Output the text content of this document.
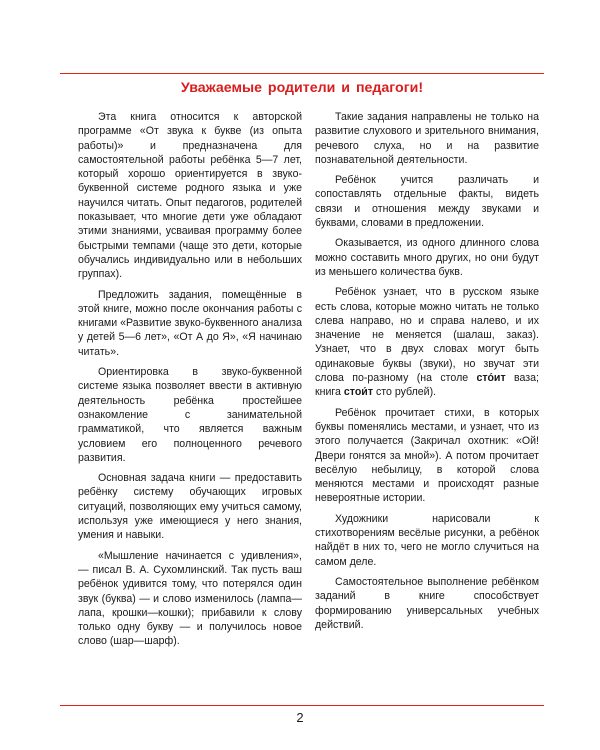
Уважаемые родители и педагоги!

Эта книга относится к авторской программе «От звука к букве (из опыта работы)» и предназначена для самостоятельной работы ребёнка 5—7 лет, который хорошо ориентируется в звуко-буквенной системе родного языка и уже научился читать. Опыт педагогов, родителей показывает, что многие дети уже обладают этими знаниями, усваивая программу более быстрыми темпами (чаще это дети, которые обучались индивидуально или в небольших группах).

Предложить задания, помещённые в этой книге, можно после окончания работы с книгами «Развитие звуко-буквенного анализа у детей 5—6 лет», «От А до Я», «Я начинаю читать».

Ориентировка в звуко-буквенной системе языка позволяет ввести в активную деятельность ребёнка простейшее ознакомление с занимательной грамматикой, что является важным условием его полноценного речевого развития.

Основная задача книги — предоставить ребёнку систему обучающих игровых ситуаций, позволяющих ему учиться самому, используя уже имеющиеся у него знания, умения и навыки.

«Мышление начинается с удивления», — писал В. А. Сухомлинский. Так пусть ваш ребёнок удивится тому, что потерялся один звук (буква) — и слово изменилось (лампа—лапа, крошки—кошки); прибавили к слову только одну букву — и получилось новое слово (шар—шарф).

Такие задания направлены не только на развитие слухового и зрительного внимания, речевого слуха, но и на развитие познавательной деятельности.

Ребёнок учится различать и сопоставлять отдельные факты, видеть связи и отношения между звуками и буквами, словами в предложении.

Оказывается, из одного длинного слова можно составить много других, но они будут из меньшего количества букв.

Ребёнок узнает, что в русском языке есть слова, которые можно читать не только слева направо, но и справа налево, и их значение не меняется (шалаш, заказ). Узнает, что в двух словах могут быть одинаковые буквы (звуки), но звучат эти слова по-разному (на столе сто́ит ваза; книга стои́т сто рублей).

Ребёнок прочитает стихи, в которых буквы поменялись местами, и узнает, что из этого получается (Закричал охотник: «Ой! Двери гонятся за мной»). А потом прочитает весёлую небылицу, в которой слова меняются местами и происходят разные невероятные истории.

Художники нарисовали к стихотворениям весёлые рисунки, а ребёнок найдёт в них то, чего не могло случиться на самом деле.

Самостоятельное выполнение ребёнком заданий в книге способствует формированию универсальных учебных действий.

2
